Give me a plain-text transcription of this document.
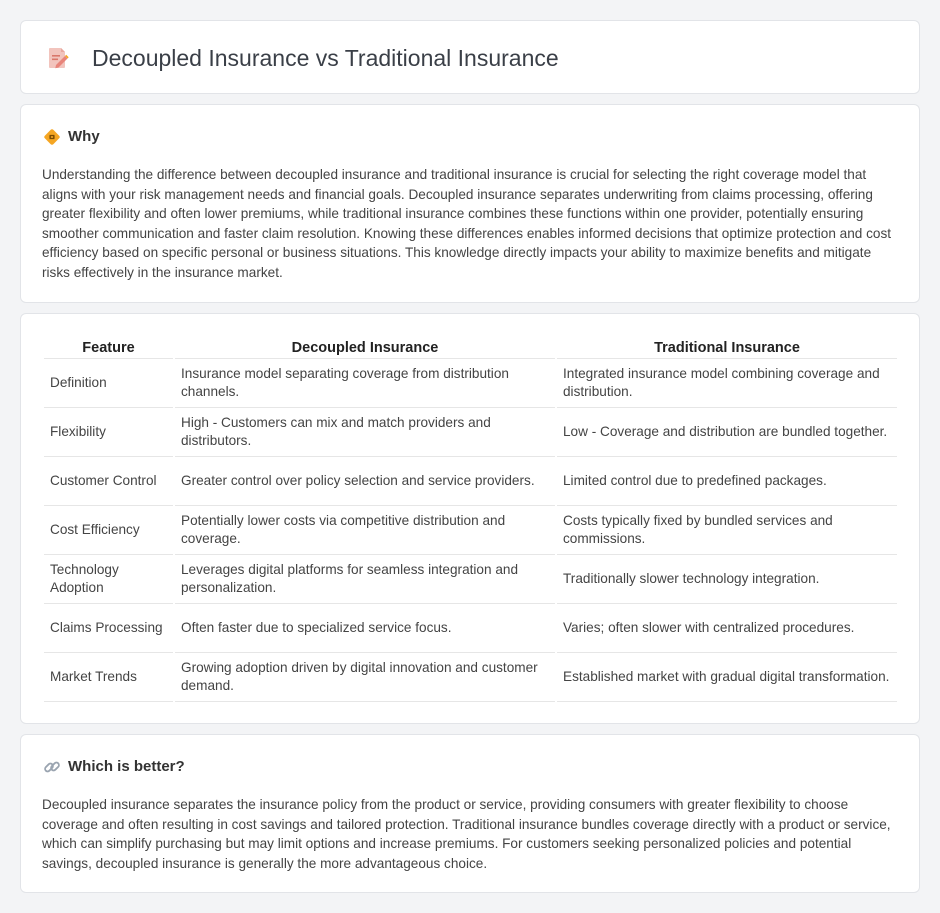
Decoupled Insurance vs Traditional Insurance
Why

Understanding the difference between decoupled insurance and traditional insurance is crucial for selecting the right coverage model that aligns with your risk management needs and financial goals. Decoupled insurance separates underwriting from claims processing, offering greater flexibility and often lower premiums, while traditional insurance combines these functions within one provider, potentially ensuring smoother communication and faster claim resolution. Knowing these differences enables informed decisions that optimize protection and cost efficiency based on specific personal or business situations. This knowledge directly impacts your ability to maximize benefits and mitigate risks effectively in the insurance market.

Feature	Decoupled Insurance	Traditional Insurance
Definition	Insurance model separating coverage from distribution channels.	Integrated insurance model combining coverage and distribution.
Flexibility	High - Customers can mix and match providers and distributors.	Low - Coverage and distribution are bundled together.
Customer Control	Greater control over policy selection and service providers.	Limited control due to predefined packages.
Cost Efficiency	Potentially lower costs via competitive distribution and coverage.	Costs typically fixed by bundled services and commissions.
Technology Adoption	Leverages digital platforms for seamless integration and personalization.	Traditionally slower technology integration.
Claims Processing	Often faster due to specialized service focus.	Varies; often slower with centralized procedures.
Market Trends	Growing adoption driven by digital innovation and customer demand.	Established market with gradual digital transformation.
Which is better?

Decoupled insurance separates the insurance policy from the product or service, providing consumers with greater flexibility to choose coverage and often resulting in cost savings and tailored protection. Traditional insurance bundles coverage directly with a product or service, which can simplify purchasing but may limit options and increase premiums. For customers seeking personalized policies and potential savings, decoupled insurance is generally the more advantageous choice.
